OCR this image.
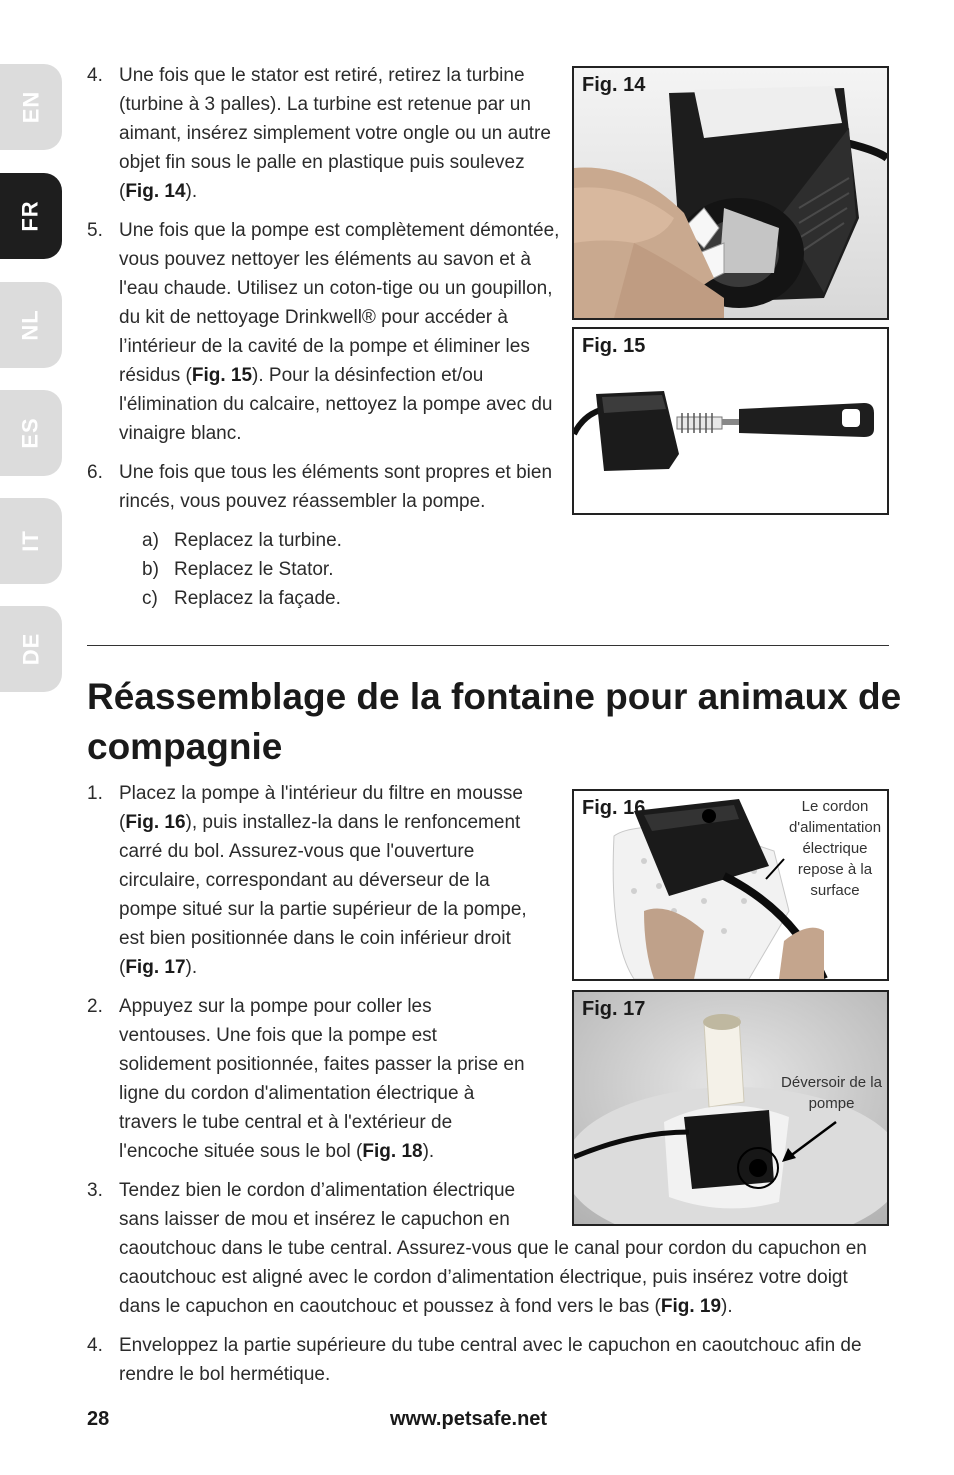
EN
FR
NL
ES
IT
DE
4. Une fois que le stator est retiré, retirez la turbine (turbine à 3 palles). La turbine est retenue par un aimant, insérez simplement votre ongle ou un autre objet fin sous le palle en plastique puis soulevez (Fig. 14).
5. Une fois que la pompe est complètement démontée, vous pouvez nettoyer les éléments au savon et à l'eau chaude. Utilisez un coton-tige ou un goupillon, du kit de nettoyage Drinkwell® pour accéder à l’intérieur de la cavité de la pompe et éliminer les résidus (Fig. 15). Pour la désinfection et/ou l'élimination du calcaire, nettoyez la pompe avec du vinaigre blanc.
6. Une fois que tous les éléments sont propres et bien rincés, vous pouvez réassembler la pompe.
a) Replacez la turbine.
b) Replacez le Stator.
c) Replacez la façade.
Fig. 14
Fig. 15
Réassemblage de la fontaine pour animaux de compagnie
1. Placez la pompe à l'intérieur du filtre en mousse (Fig. 16), puis installez-la dans le renfoncement carré du bol. Assurez-vous que l'ouverture circulaire, correspondant au déverseur de la pompe situé sur la partie supérieur de la pompe, est bien positionnée dans le coin inférieur droit (Fig. 17).
2. Appuyez sur la pompe pour coller les ventouses. Une fois que la pompe est solidement positionnée, faites passer la prise en ligne du cordon d'alimentation électrique à travers le tube central et à l'extérieur de l'encoche située sous le bol (Fig. 18).
3. Tendez bien le cordon d’alimentation électrique sans laisser de mou et insérez le capuchon en caoutchouc dans le tube central. Assurez-vous que le canal pour cordon du capuchon en caoutchouc est aligné avec le cordon d’alimentation électrique, puis insérez votre doigt dans le capuchon en caoutchouc et poussez à fond vers le bas (Fig. 19).
4. Enveloppez la partie supérieure du tube central avec le capuchon en caoutchouc afin de rendre le bol hermétique.
Fig. 16	Le cordon d'alimentation électrique repose à la surface
Fig. 17
Déversoir de la pompe
28	www.petsafe.net
